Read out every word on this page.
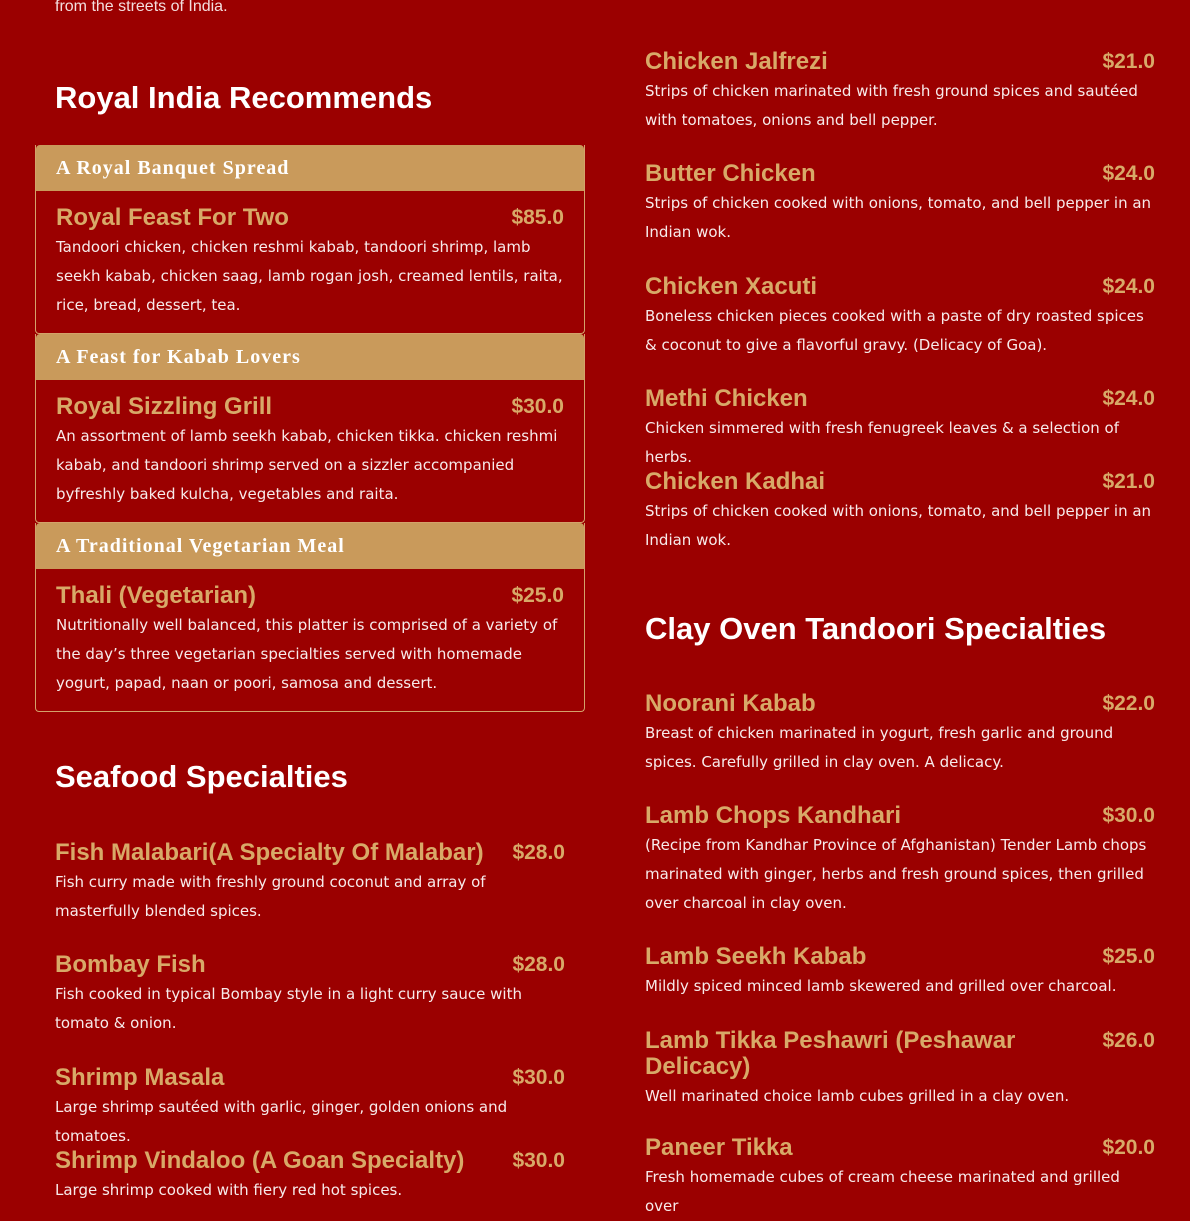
from the streets of India.
Royal India Recommends
A Royal Banquet Spread
Royal Feast For Two	$85.0
Tandoori chicken, chicken reshmi kabab, tandoori shrimp, lamb seekh kabab, chicken saag, lamb rogan josh, creamed lentils, raita, rice, bread, dessert, tea.
A Feast for Kabab Lovers
Royal Sizzling Grill	$30.0
An assortment of lamb seekh kabab, chicken tikka. chicken reshmi kabab, and tandoori shrimp served on a sizzler accompanied byfreshly baked kulcha, vegetables and raita.
A Traditional Vegetarian Meal
Thali (Vegetarian)	$25.0
Nutritionally well balanced, this platter is comprised of a variety of the day’s three vegetarian specialties served with homemade yogurt, papad, naan or poori, samosa and dessert.
Seafood Specialties
Fish Malabari(A Specialty Of Malabar) $28.0
Fish curry made with freshly ground coconut and array of masterfully blended spices.
Bombay Fish	$28.0
Fish cooked in typical Bombay style in a light curry sauce with tomato & onion.
Shrimp Masala	$30.0
Large shrimp sautéed with garlic, ginger, golden onions and tomatoes.
Shrimp Vindaloo (A Goan Specialty) $30.0
Large shrimp cooked with fiery red hot spices.
Chicken Jalfrezi	$21.0
Strips of chicken marinated with fresh ground spices and sautéed with tomatoes, onions and bell pepper.
Butter Chicken	$24.0
Strips of chicken cooked with onions, tomato, and bell pepper in an Indian wok.
Chicken Xacuti	$24.0
Boneless chicken pieces cooked with a paste of dry roasted spices & coconut to give a flavorful gravy. (Delicacy of Goa).
Methi Chicken	$24.0
Chicken simmered with fresh fenugreek leaves & a selection of herbs.
Chicken Kadhai	$21.0
Strips of chicken cooked with onions, tomato, and bell pepper in an Indian wok.
Clay Oven Tandoori Specialties
Noorani Kabab	$22.0
Breast of chicken marinated in yogurt, fresh garlic and ground spices. Carefully grilled in clay oven. A delicacy.
Lamb Chops Kandhari	$30.0
(Recipe from Kandhar Province of Afghanistan) Tender Lamb chops marinated with ginger, herbs and fresh ground spices, then grilled over charcoal in clay oven.
Lamb Seekh Kabab	$25.0
Mildly spiced minced lamb skewered and grilled over charcoal.
Lamb Tikka Peshawri (Peshawar Delicacy)
$26.0
Well marinated choice lamb cubes grilled in a clay oven.
Paneer Tikka	$20.0
Fresh homemade cubes of cream cheese marinated and grilled over
